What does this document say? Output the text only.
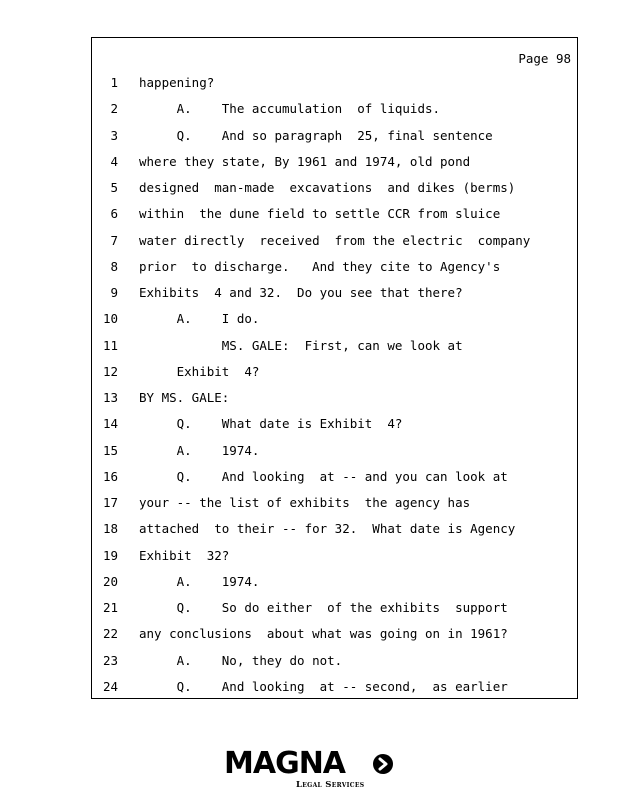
Page 98
1 happening?
2 A.    The accumulation  of liquids.
3 Q.    And so paragraph  25, final sentence
4 where they state, By 1961 and 1974, old pond
5 designed  man-made  excavations  and dikes (berms)
6 within  the dune field to settle CCR from sluice
7 water directly  received  from the electric  company
8 prior  to discharge.   And they cite to Agency's
9 Exhibits  4 and 32.  Do you see that there?
10 A.    I do.
11 MS. GALE:  First, can we look at
12 Exhibit  4?
13 BY MS. GALE:
14 Q.    What date is Exhibit  4?
15 A.    1974.
16 Q.    And looking  at -- and you can look at
17 your -- the list of exhibits  the agency has
18 attached  to their -- for 32.  What date is Agency
19 Exhibit  32?
20 A.    1974.
21 Q.    So do either  of the exhibits  support
22 any conclusions  about what was going on in 1961?
23 A.    No, they do not.
24 Q.    And looking  at -- second,  as earlier
MAGNA
Legal Services
